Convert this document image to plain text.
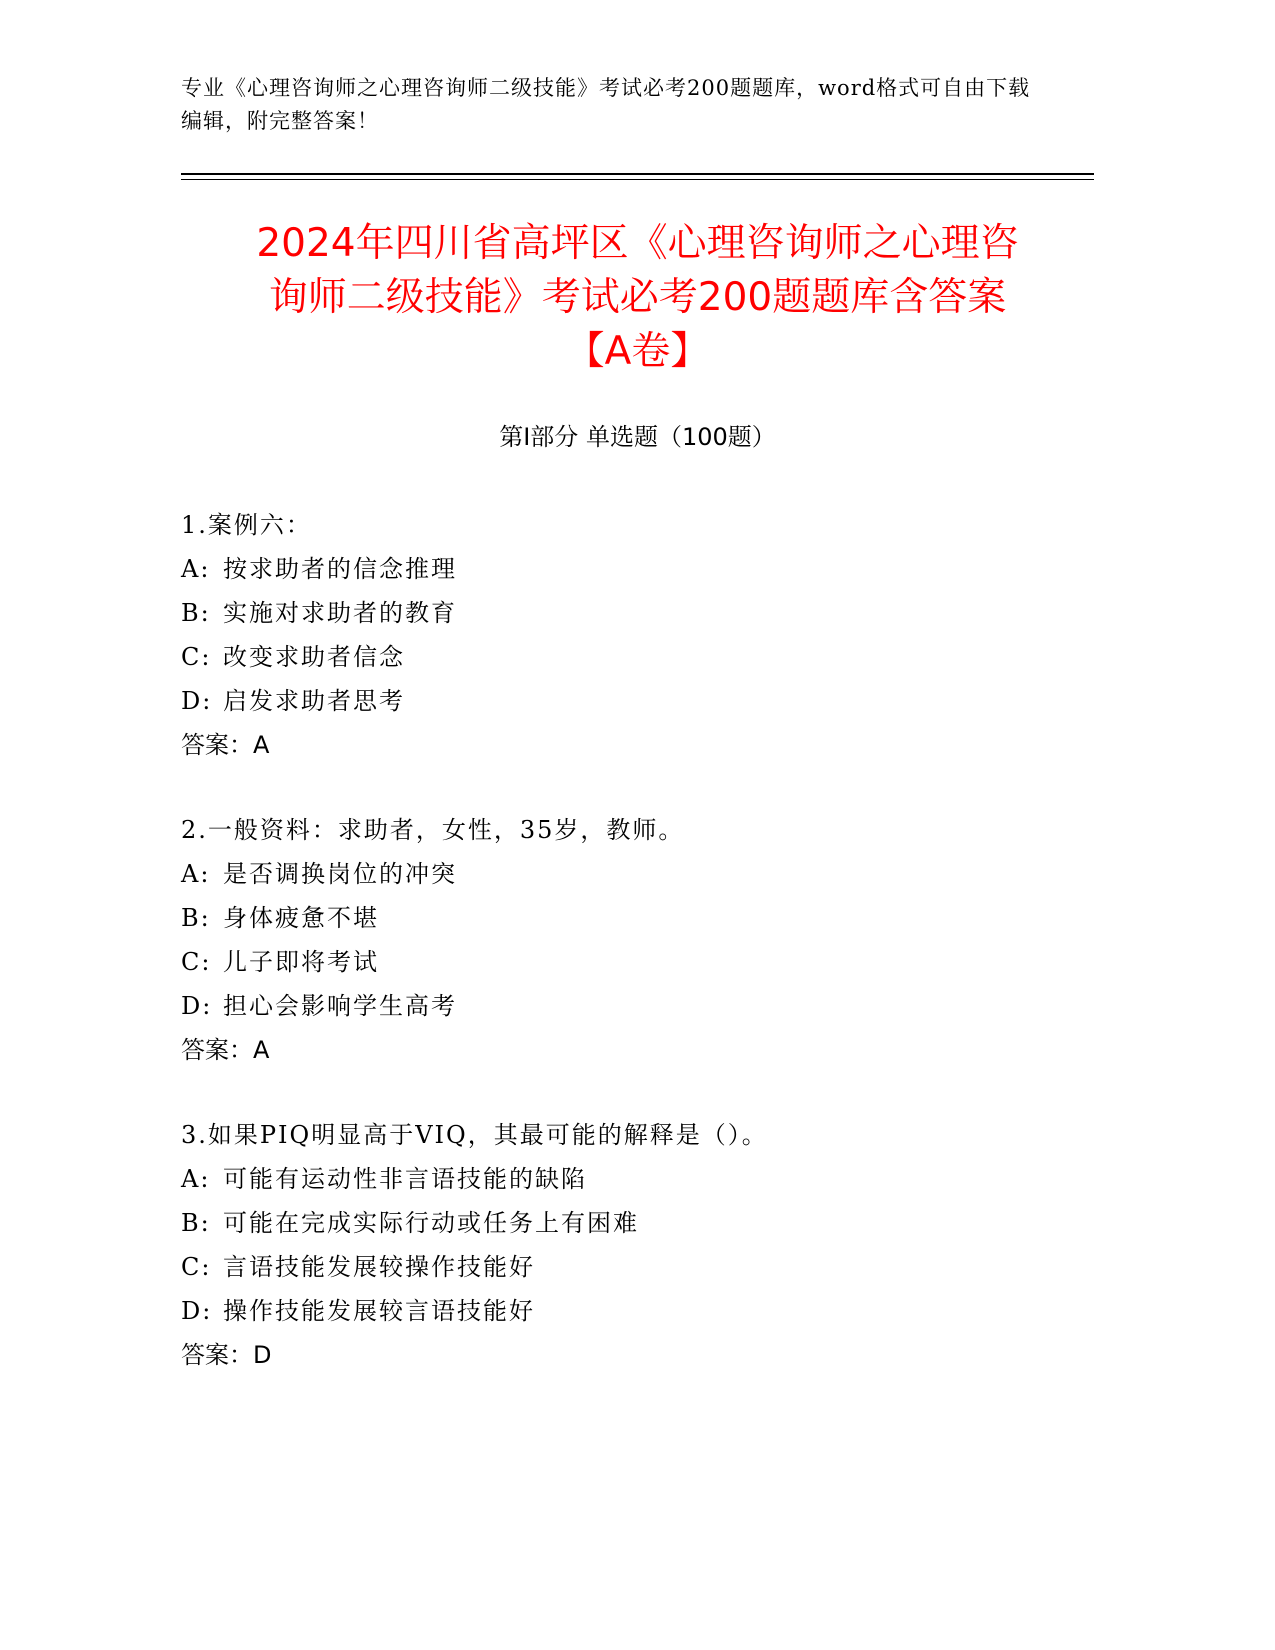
专业《心理咨询师之心理咨询师二级技能》考试必考200题题库，word格式可自由下载编辑，附完整答案！
2024年四川省高坪区《心理咨询师之心理咨
询师二级技能》考试必考200题题库含答案
【A卷】
第Ⅰ部分 单选题（100题）
1.案例六：
A: 按求助者的信念推理
B: 实施对求助者的教育
C: 改变求助者信念
D: 启发求助者思考
答案：A
2.一般资料：求助者，女性，35岁，教师。
A: 是否调换岗位的冲突
B: 身体疲惫不堪
C: 儿子即将考试
D: 担心会影响学生高考
答案：A
3.如果PIQ明显高于VIQ，其最可能的解释是（）。
A: 可能有运动性非言语技能的缺陷
B: 可能在完成实际行动或任务上有困难
C: 言语技能发展较操作技能好
D: 操作技能发展较言语技能好
答案：D
